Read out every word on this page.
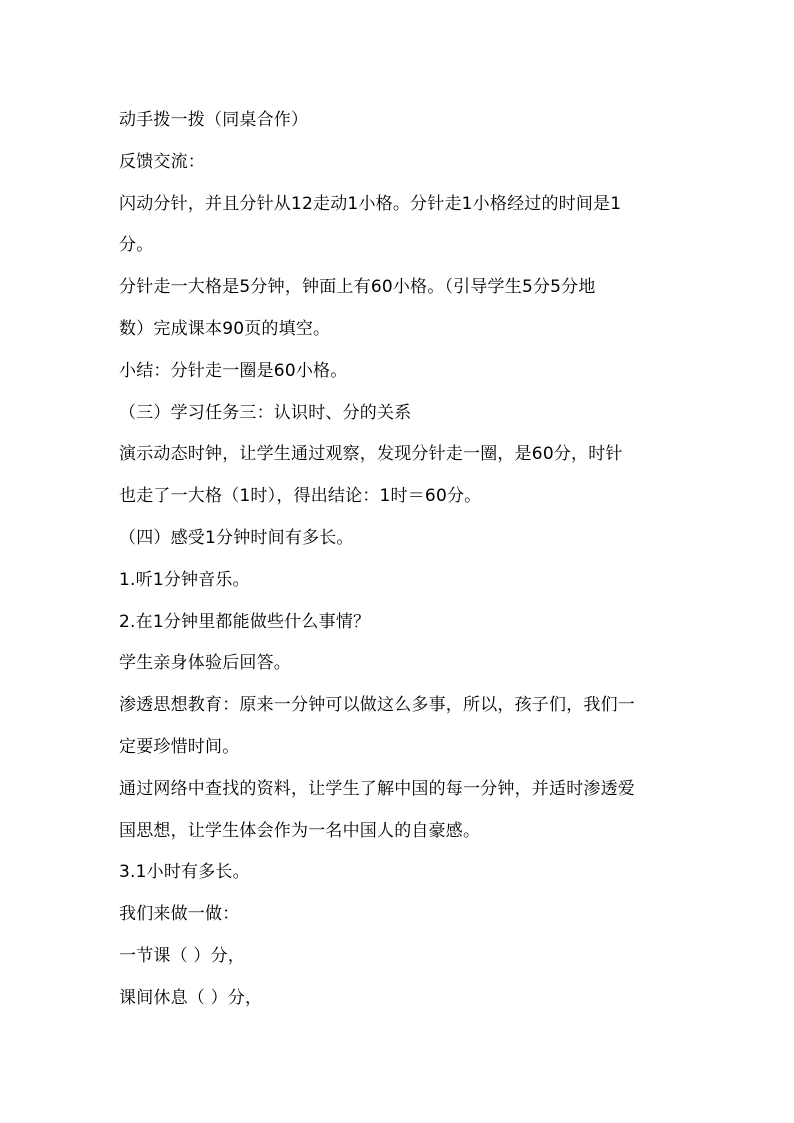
动手拨一拨（同桌合作）
反馈交流：
闪动分针，并且分针从12走动1小格。分针走1小格经过的时间是1
分。
分针走一大格是5分钟，钟面上有60小格。（引导学生5分5分地
数）完成课本90页的填空。
小结：分针走一圈是60小格。
（三）学习任务三：认识时、分的关系
演示动态时钟，让学生通过观察，发现分针走一圈，是60分，时针
也走了一大格（1时），得出结论：1时＝60分。
（四）感受1分钟时间有多长。
1.听1分钟音乐。
2.在1分钟里都能做些什么事情？
学生亲身体验后回答。
渗透思想教育：原来一分钟可以做这么多事，所以，孩子们，我们一
定要珍惜时间。
通过网络中查找的资料，让学生了解中国的每一分钟，并适时渗透爱
国思想，让学生体会作为一名中国人的自豪感。
3.1小时有多长。
我们来做一做：
一节课（ ）分，
课间休息（ ）分，
